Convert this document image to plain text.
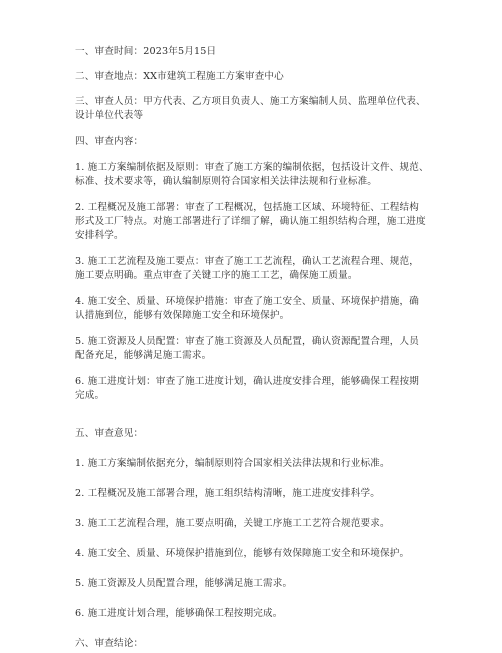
一、审查时间：2023年5月15日
二、审查地点：XX市建筑工程施工方案审查中心
三、审查人员：甲方代表、乙方项目负责人、施工方案编制人员、监理单位代表、
设计单位代表等
四、审查内容：
1. 施工方案编制依据及原则：审查了施工方案的编制依据，包括设计文件、规范、
标准、技术要求等，确认编制原则符合国家相关法律法规和行业标准。
2. 工程概况及施工部署：审查了工程概况，包括施工区域、环境特征、工程结构
形式及工厂特点。对施工部署进行了详细了解，确认施工组织结构合理，施工进度
安排科学。
3. 施工工艺流程及施工要点：审查了施工工艺流程，确认工艺流程合理、规范，
施工要点明确。重点审查了关键工序的施工工艺，确保施工质量。
4. 施工安全、质量、环境保护措施：审查了施工安全、质量、环境保护措施，确
认措施到位，能够有效保障施工安全和环境保护。
5. 施工资源及人员配置：审查了施工资源及人员配置，确认资源配置合理，人员
配备充足，能够满足施工需求。
6. 施工进度计划：审查了施工进度计划，确认进度安排合理，能够确保工程按期
完成。
五、审查意见：
1. 施工方案编制依据充分，编制原则符合国家相关法律法规和行业标准。
2. 工程概况及施工部署合理，施工组织结构清晰，施工进度安排科学。
3. 施工工艺流程合理，施工要点明确，关键工序施工工艺符合规范要求。
4. 施工安全、质量、环境保护措施到位，能够有效保障施工安全和环境保护。
5. 施工资源及人员配置合理，能够满足施工需求。
6. 施工进度计划合理，能够确保工程按期完成。
六、审查结论：
